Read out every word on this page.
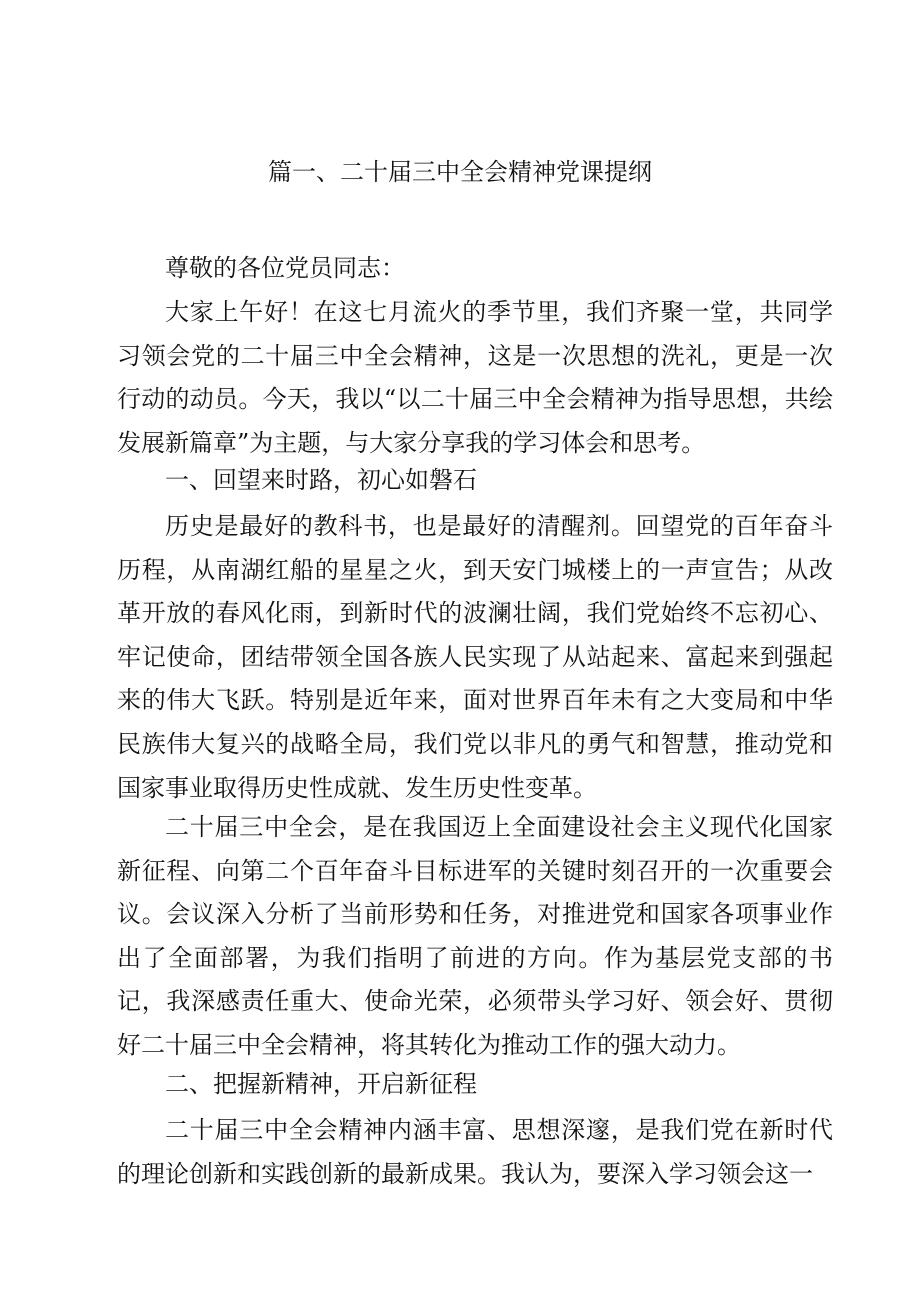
篇一、二十届三中全会精神党课提纲

尊敬的各位党员同志：

大家上午好！在这七月流火的季节里，我们齐聚一堂，共同学习领会党的二十届三中全会精神，这是一次思想的洗礼，更是一次行动的动员。今天，我以“以二十届三中全会精神为指导思想，共绘发展新篇章”为主题，与大家分享我的学习体会和思考。

一、回望来时路，初心如磐石

历史是最好的教科书，也是最好的清醒剂。回望党的百年奋斗历程，从南湖红船的星星之火，到天安门城楼上的一声宣告；从改革开放的春风化雨，到新时代的波澜壮阔，我们党始终不忘初心、牢记使命，团结带领全国各族人民实现了从站起来、富起来到强起来的伟大飞跃。特别是近年来，面对世界百年未有之大变局和中华民族伟大复兴的战略全局，我们党以非凡的勇气和智慧，推动党和国家事业取得历史性成就、发生历史性变革。

二十届三中全会，是在我国迈上全面建设社会主义现代化国家新征程、向第二个百年奋斗目标进军的关键时刻召开的一次重要会议。会议深入分析了当前形势和任务，对推进党和国家各项事业作出了全面部署，为我们指明了前进的方向。作为基层党支部的书记，我深感责任重大、使命光荣，必须带头学习好、领会好、贯彻好二十届三中全会精神，将其转化为推动工作的强大动力。

二、把握新精神，开启新征程

二十届三中全会精神内涵丰富、思想深邃，是我们党在新时代的理论创新和实践创新的最新成果。我认为，要深入学习领会这一
